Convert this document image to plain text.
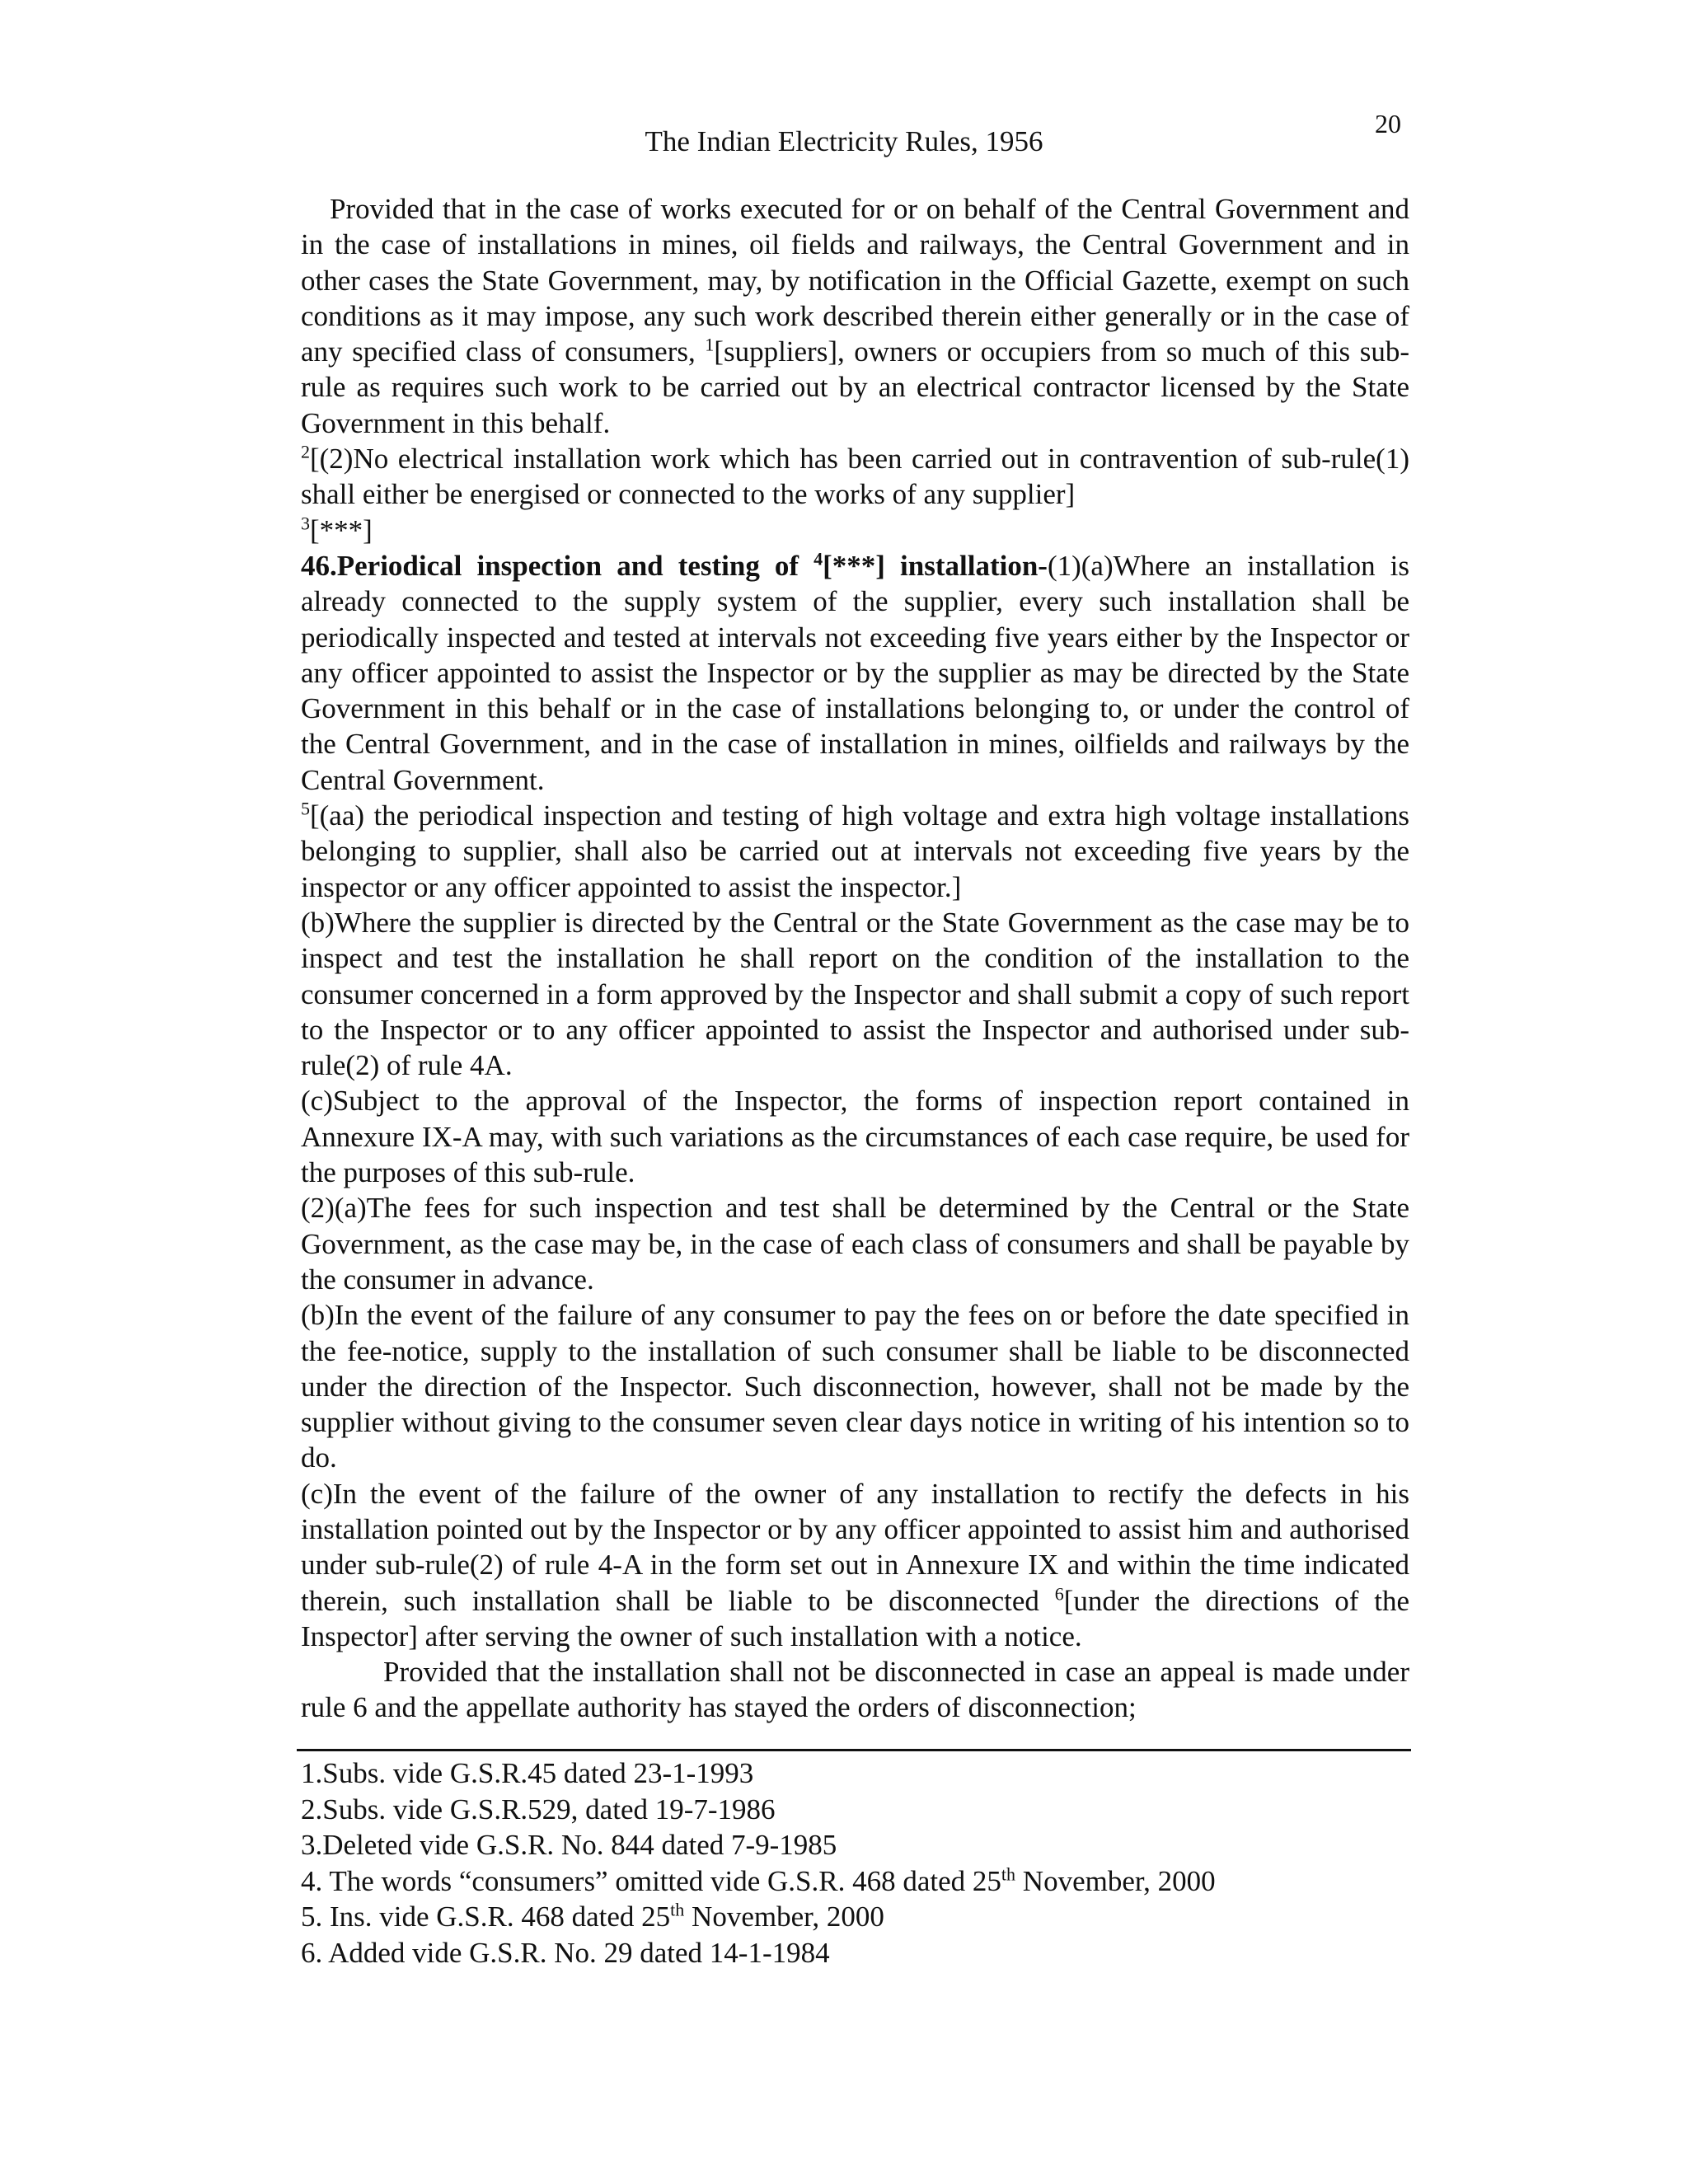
20
The Indian Electricity Rules, 1956

Provided that in the case of works executed for or on behalf of the Central Government and in the case of installations in mines, oil fields and railways, the Central Government and in other cases the State Government, may, by notification in the Official Gazette, exempt on such conditions as it may impose, any such work described therein either generally or in the case of any specified class of consumers, $^1$[suppliers], owners or occupiers from so much of this sub-rule as requires such work to be carried out by an electrical contractor licensed by the State Government in this behalf.

$^2$[(2)No electrical installation work which has been carried out in contravention of sub-rule(1) shall either be energised or connected to the works of any supplier]

$^3$[***]

46.Periodical inspection and testing of $^4$[***] installation-(1)(a)Where an installation is already connected to the supply system of the supplier, every such installation shall be periodically inspected and tested at intervals not exceeding five years either by the Inspector or any officer appointed to assist the Inspector or by the supplier as may be directed by the State Government in this behalf or in the case of installations belonging to, or under the control of the Central Government, and in the case of installation in mines, oilfields and railways by the Central Government.

$^5$[(aa) the periodical inspection and testing of high voltage and extra high voltage installations belonging to supplier, shall also be carried out at intervals not exceeding five years by the inspector or any officer appointed to assist the inspector.]

(b)Where the supplier is directed by the Central or the State Government as the case may be to inspect and test the installation he shall report on the condition of the installation to the consumer concerned in a form approved by the Inspector and shall submit a copy of such report to the Inspector or to any officer appointed to assist the Inspector and authorised under sub-rule(2) of rule 4A.

(c)Subject to the approval of the Inspector, the forms of inspection report contained in Annexure IX-A may, with such variations as the circumstances of each case require, be used for the purposes of this sub-rule.

(2)(a)The fees for such inspection and test shall be determined by the Central or the State Government, as the case may be, in the case of each class of consumers and shall be payable by the consumer in advance.

(b)In the event of the failure of any consumer to pay the fees on or before the date specified in the fee-notice, supply to the installation of such consumer shall be liable to be disconnected under the direction of the Inspector. Such disconnection, however, shall not be made by the supplier without giving to the consumer seven clear days notice in writing of his intention so to do.

(c)In the event of the failure of the owner of any installation to rectify the defects in his installation pointed out by the Inspector or by any officer appointed to assist him and authorised under sub-rule(2) of rule 4-A in the form set out in Annexure IX and within the time indicated therein, such installation shall be liable to be disconnected $^6$[under the directions of the Inspector] after serving the owner of such installation with a notice.

Provided that the installation shall not be disconnected in case an appeal is made under rule 6 and the appellate authority has stayed the orders of disconnection;

1.Subs. vide G.S.R.45 dated 23-1-1993
2.Subs. vide G.S.R.529, dated 19-7-1986
3.Deleted vide G.S.R. No. 844 dated 7-9-1985
4. The words “consumers” omitted vide G.S.R. 468 dated 25th November, 2000
5. Ins. vide G.S.R. 468 dated 25th November, 2000
6. Added vide G.S.R. No. 29 dated 14-1-1984
